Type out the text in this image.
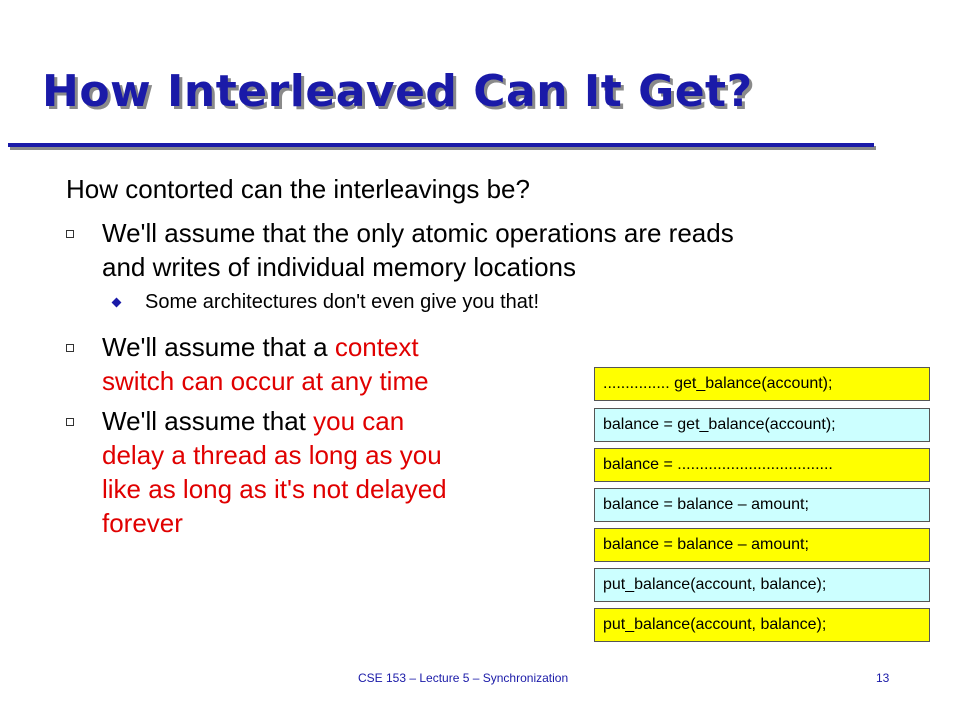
How Interleaved Can It Get?
How contorted can the interleavings be?
We'll assume that the only atomic operations are reads
and writes of individual memory locations
Some architectures don't even give you that!
We'll assume that a context
switch can occur at any time
We'll assume that you can
delay a thread as long as you
like as long as it's not delayed
forever
............... get_balance(account);
balance = get_balance(account);
balance = ...................................
balance = balance – amount;
balance = balance – amount;
put_balance(account, balance);
put_balance(account, balance);
CSE 153 – Lecture 5 – Synchronization	13
